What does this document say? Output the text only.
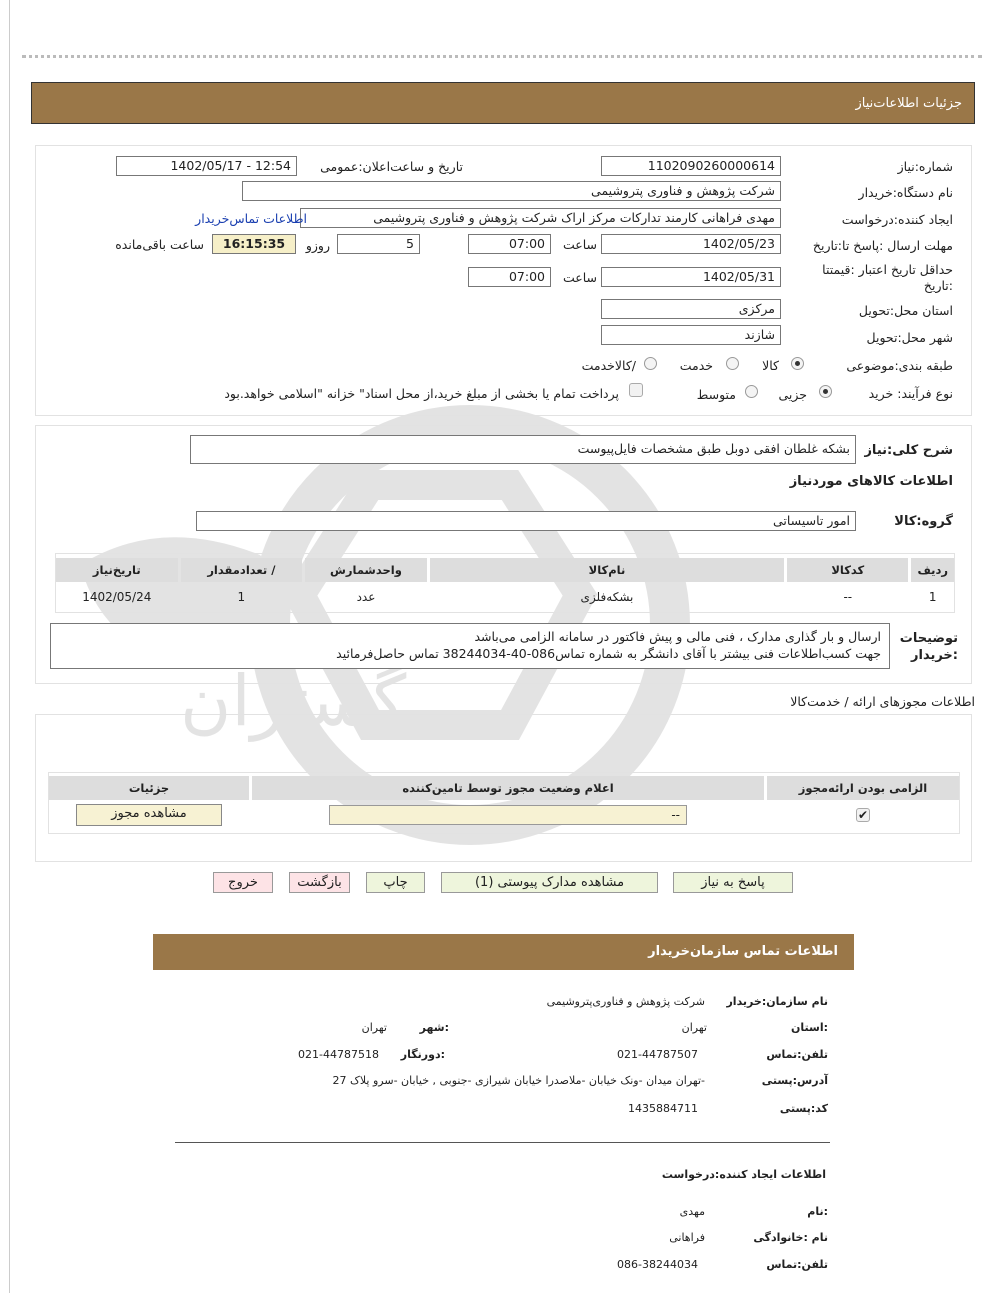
گستران
جزئیات اطلاعات‌نیاز
شماره:نیاز
1102090260000614
تاریخ و ساعت‌اعلان:عمومی
1402/05/17 - 12:54
نام دستگاه:خریدار
شرکت پژوهش و فناوری پتروشیمی
ایجاد کننده:درخواست
مهدی فراهانی کارمند تدارکات مرکز اراک شرکت پژوهش و فناوری پتروشیمی
اطلاعات تماس‌خریدار
مهلت ارسال :پاسخ تا:تاریخ
1402/05/23
ساعت
07:00
5
روزو
16:15:35
ساعت باقی‌مانده
حداقل تاریخ اعتبار :قیمتتا :تاریخ
1402/05/31
ساعت
07:00
استان محل:تحویل
مرکزی
شهر محل:تحویل
شازند
طبقه بندی:موضوعی
کالا
خدمت
/کالاخدمت
نوع فرآیند: خرید
جزیی
متوسط
پرداخت تمام یا بخشی از مبلغ خرید،از محل اسناد" خزانه "اسلامی خواهد.بود
شرح کلی:نیاز
بشکه غلطان افقی دوبل طبق مشخصات فایل‌پیوست
اطلاعات کالاهای موردنیاز
گروه:کالا
امور تاسیساتی
ردیف	کدکالا	نام‌کالا	واحدشمارش	/ تعدادمقدار	تاریخ‌نیاز
1	--	بشکه‌فلزی	عدد	1	1402/05/24
توضیحات :خریدار
ارسال و بار گذاری مدارک ، فنی مالی و پیش فاکتور در سامانه الزامی می‌باشد
جهت کسب‌اطلاعات فنی بیشتر با آقای دانشگر به شماره تماس086-40-38244034 تماس حاصل‌فرمائید
اطلاعات مجوزهای ارائه / خدمت‌کالا
الزامی بودن ارائه‌مجوز	اعلام وضعیت مجوز توسط تامین‌کننده	جزئیات
✔	--	مشاهده مجوز
پاسخ به نیاز
مشاهده مدارک پیوستی (1)
چاپ
بازگشت
خروج
اطلاعات تماس سازمان‌خریدار
نام سازمان:خریدار
شرکت پژوهش و فناوری‌پتروشیمی
:استان
تهران
:شهر
تهران
تلفن:تماس
021-44787507
:دورنگار
021-44787518
آدرس:پستی
-تهران میدان -ونک خیابان -ملاصدرا خیابان شیرازی -جنوبی , خیابان -سرو پلاک 27
کد:پستی
1435884711
اطلاعات ایجاد کننده:درخواست
:نام
مهدی
نام :خانوادگی
فراهانی
تلفن:تماس
086-38244034
